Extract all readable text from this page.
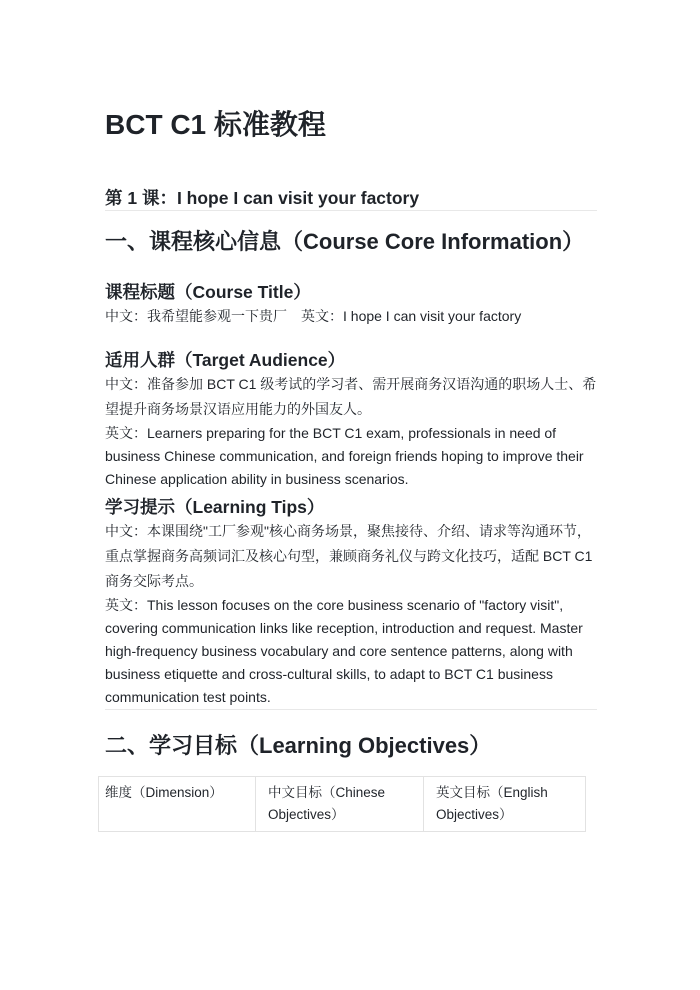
BCT C1 标准教程
第 1 课：I hope I can visit your factory
一、课程核心信息（Course Core Information）
课程标题（Course Title）

中文：我希望能参观一下贵厂　英文：I hope I can visit your factory

适用人群（Target Audience）

中文：准备参加 BCT C1 级考试的学习者、需开展商务汉语沟通的职场人士、希望提升商务场景汉语应用能力的外国友人。

英文：Learners preparing for the BCT C1 exam, professionals in need of business Chinese communication, and foreign friends hoping to improve their Chinese application ability in business scenarios.

学习提示（Learning Tips）

中文：本课围绕"工厂参观"核心商务场景，聚焦接待、介绍、请求等沟通环节，重点掌握商务高频词汇及核心句型，兼顾商务礼仪与跨文化技巧，适配 BCT C1 商务交际考点。

英文：This lesson focuses on the core business scenario of "factory visit", covering communication links like reception, introduction and request. Master high-frequency business vocabulary and core sentence patterns, along with business etiquette and cross-cultural skills, to adapt to BCT C1 business communication test points.

二、学习目标（Learning Objectives）
维度（Dimension）	中文目标（Chinese Objectives）	英文目标（English Objectives）
